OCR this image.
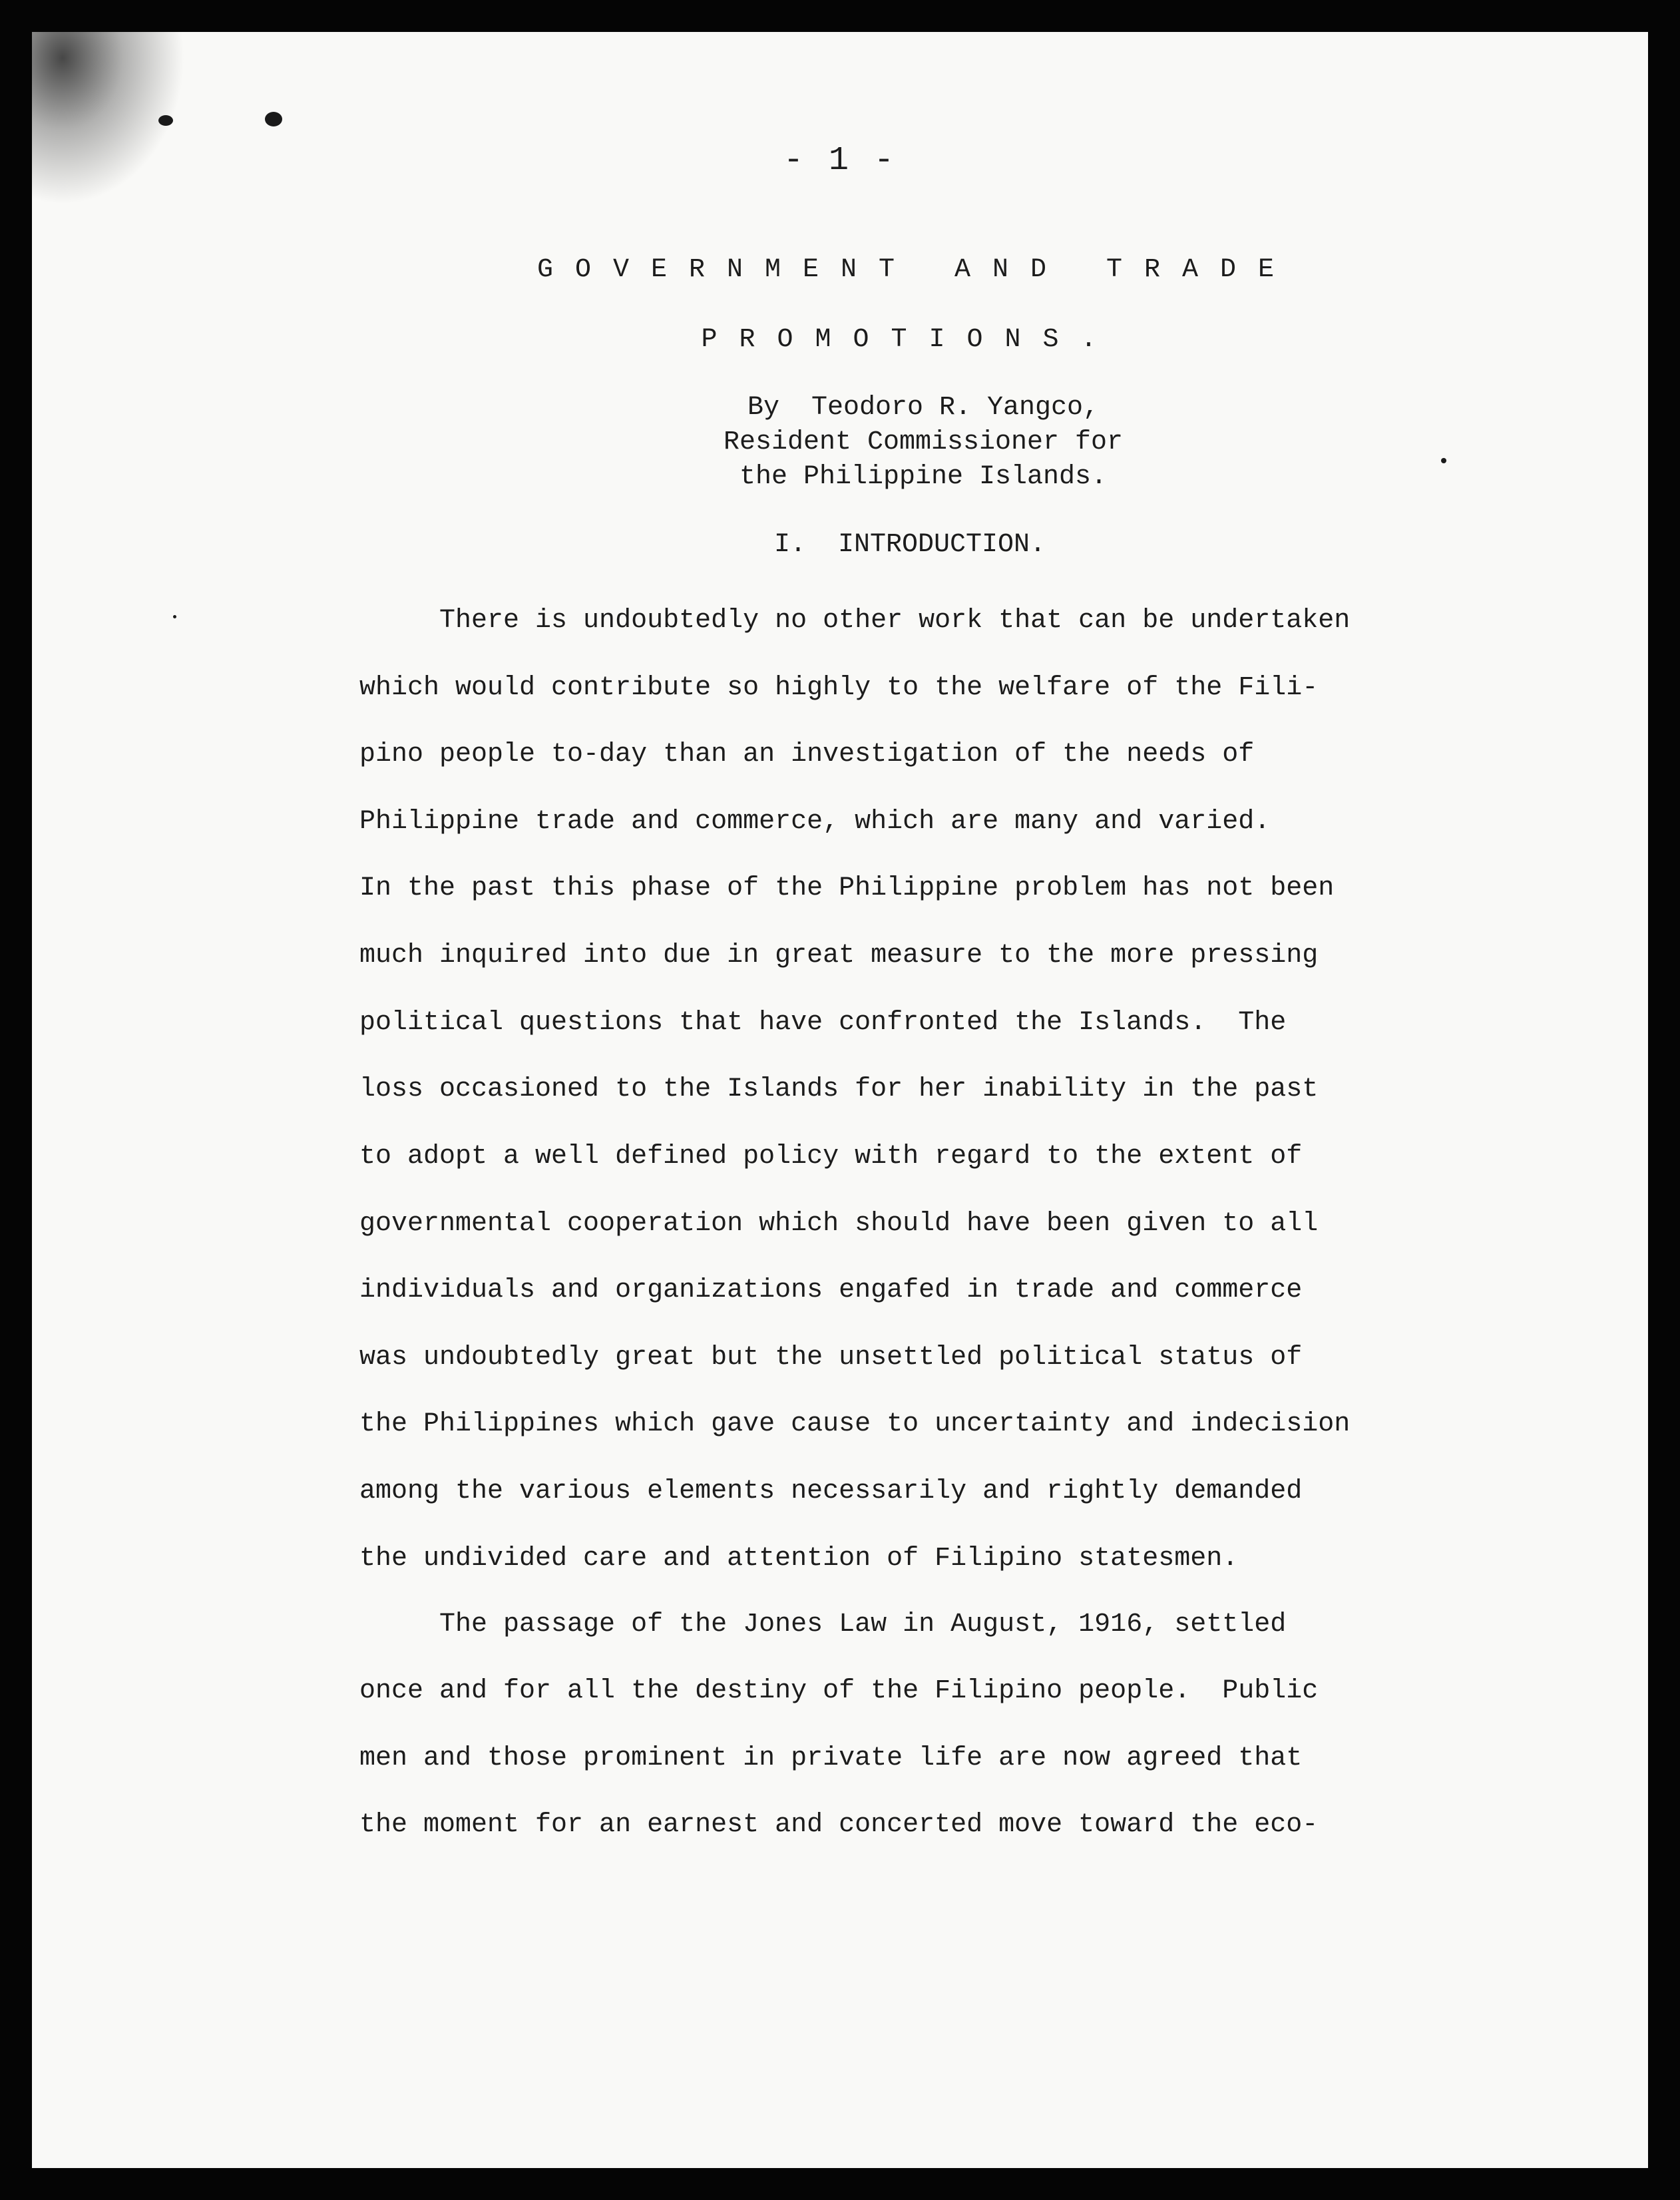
- 1 -
GOVERNMENT AND TRADE
PROMOTIONS.
By  Teodoro R. Yangco,
Resident Commissioner for
the Philippine Islands.
I.  INTRODUCTION.
There is undoubtedly no other work that can be undertaken
which would contribute so highly to the welfare of the Fili-
pino people to-day than an investigation of the needs of
Philippine trade and commerce, which are many and varied.
In the past this phase of the Philippine problem has not been
much inquired into due in great measure to the more pressing
political questions that have confronted the Islands.  The
loss occasioned to the Islands for her inability in the past
to adopt a well defined policy with regard to the extent of
governmental cooperation which should have been given to all
individuals and organizations engafed in trade and commerce
was undoubtedly great but the unsettled political status of
the Philippines which gave cause to uncertainty and indecision
among the various elements necessarily and rightly demanded
the undivided care and attention of Filipino statesmen.
The passage of the Jones Law in August, 1916, settled
once and for all the destiny of the Filipino people.  Public
men and those prominent in private life are now agreed that
the moment for an earnest and concerted move toward the eco-
